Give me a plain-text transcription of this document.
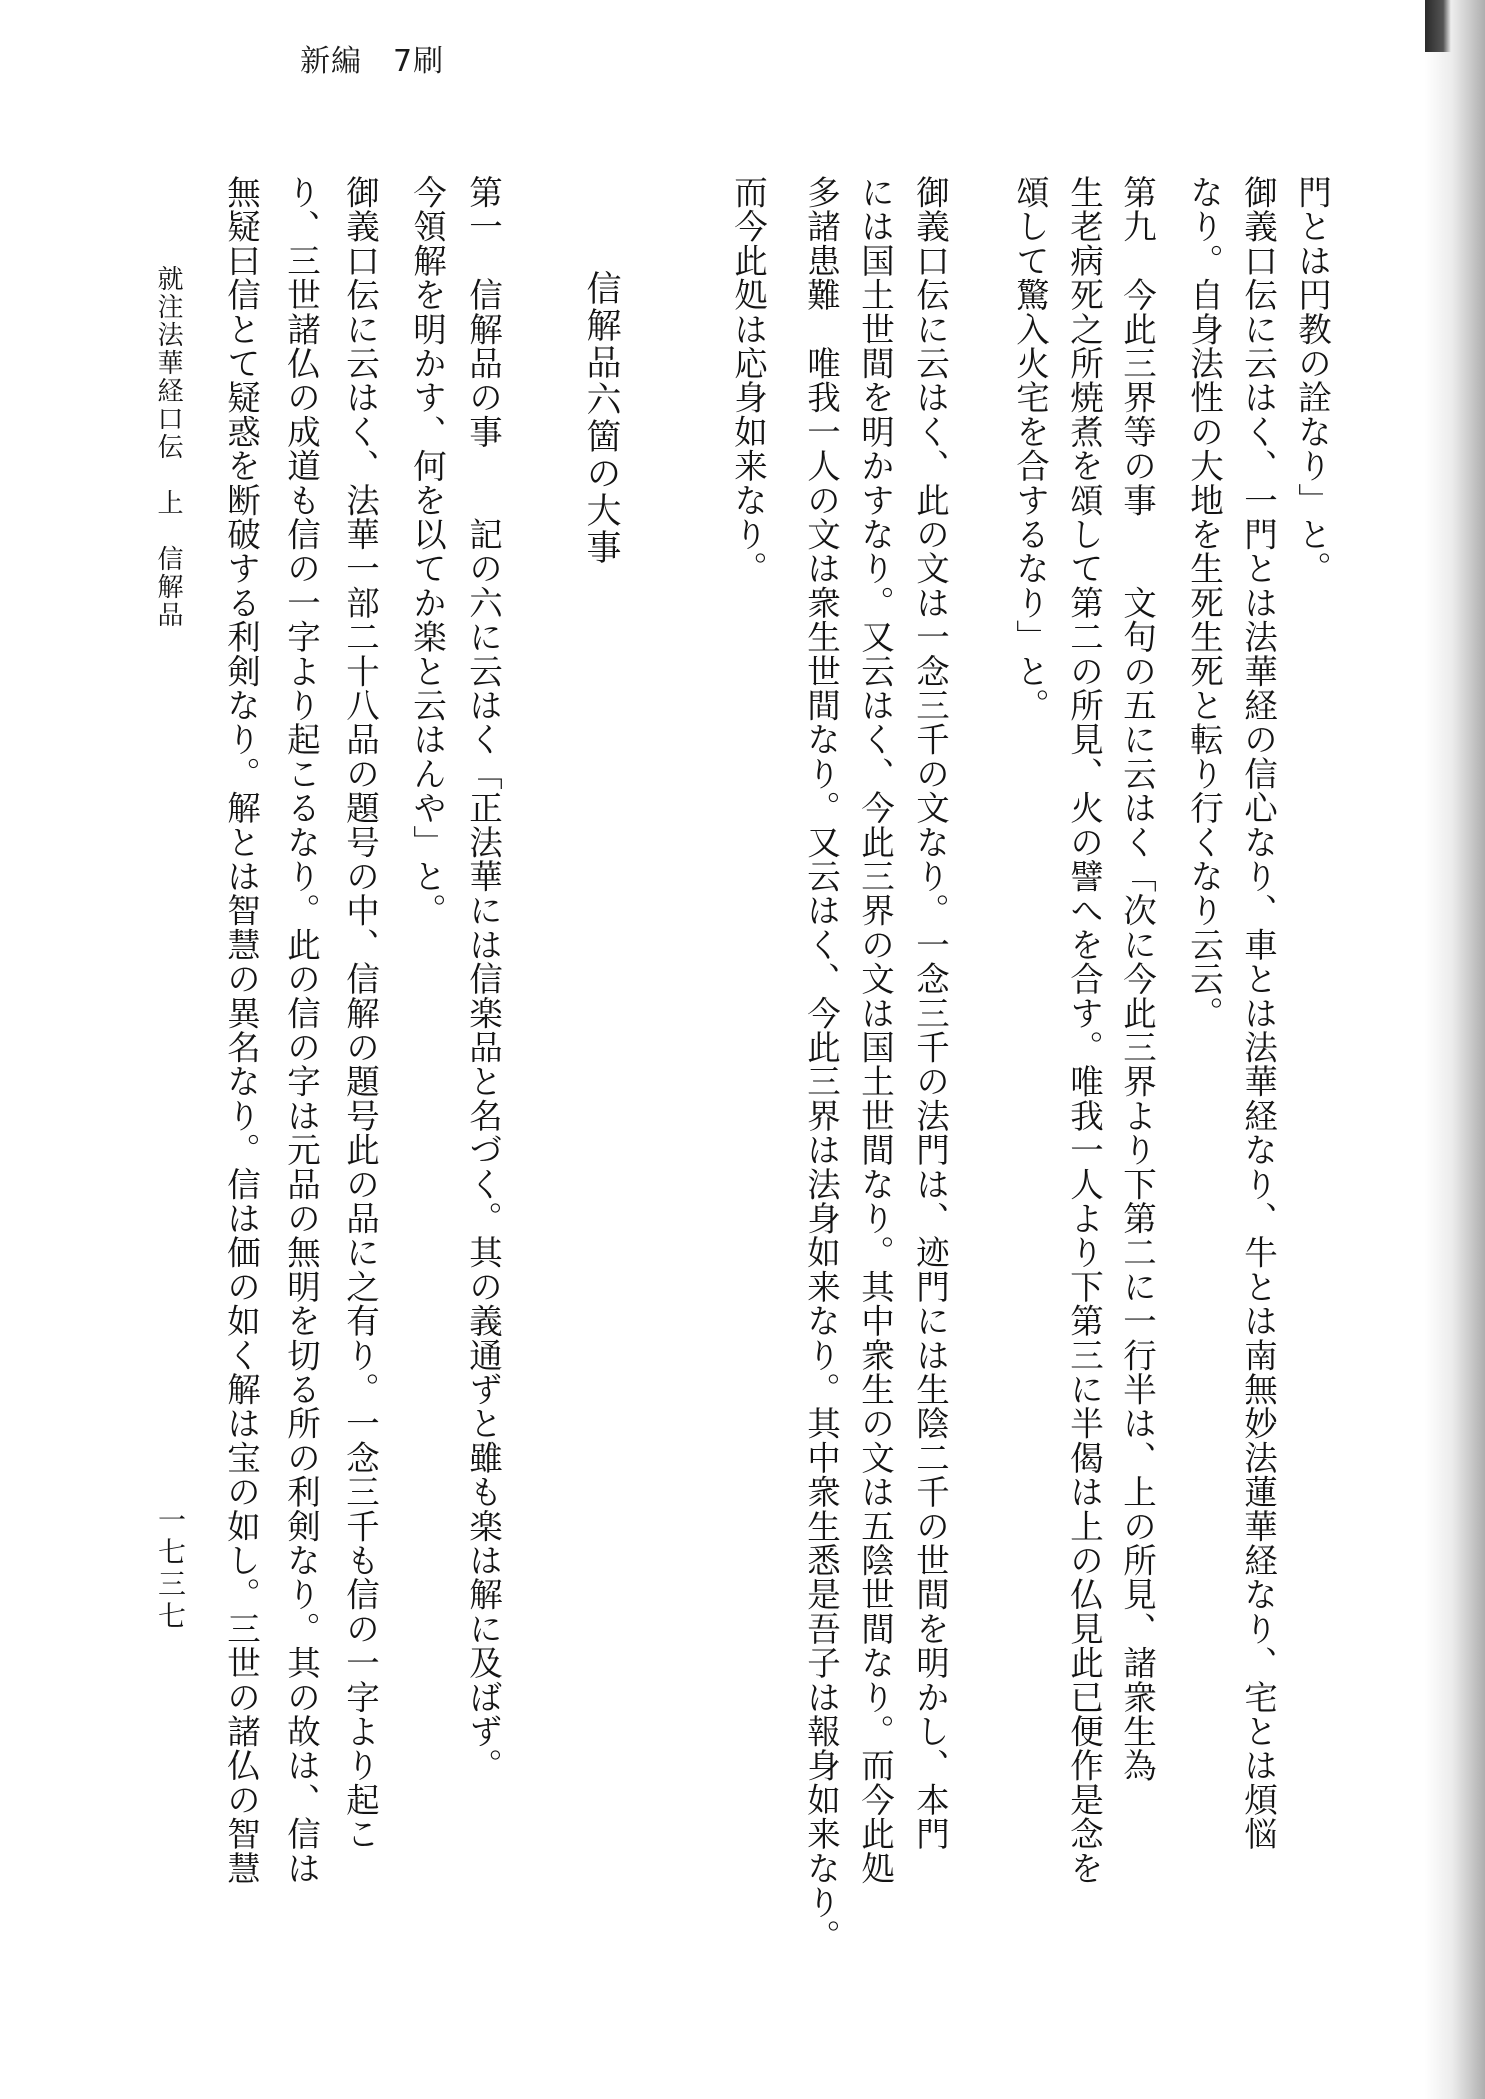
新編　7刷
門とは円教の詮なり」と。
御義口伝に云はく、一門とは法華経の信心なり、車とは法華経なり、牛とは南無妙法蓮華経なり、宅とは煩悩
なり。自身法性の大地を生死生死と転り行くなり云云。
第九　今此三界等の事　　文句の五に云はく「次に今此三界より下第二に一行半は、上の所見、諸衆生為
生老病死之所焼煮を頌して第二の所見、火の譬へを合す。唯我一人より下第三に半偈は上の仏見此已便作是念を
頌して驚入火宅を合するなり」と。
御義口伝に云はく、此の文は一念三千の文なり。一念三千の法門は、迹門には生陰二千の世間を明かし、本門
には国土世間を明かすなり。又云はく、今此三界の文は国土世間なり。其中衆生の文は五陰世間なり。而今此処
多諸患難　唯我一人の文は衆生世間なり。又云はく、今此三界は法身如来なり。其中衆生悉是吾子は報身如来なり。
而今此処は応身如来なり。
信解品六箇の大事
第一　信解品の事　　記の六に云はく「正法華には信楽品と名づく。其の義通ずと雖も楽は解に及ばず。
今領解を明かす、何を以てか楽と云はんや」と。
御義口伝に云はく、法華一部二十八品の題号の中、信解の題号此の品に之有り。一念三千も信の一字より起こ
り、三世諸仏の成道も信の一字より起こるなり。此の信の字は元品の無明を切る所の利剣なり。其の故は、信は
無疑曰信とて疑惑を断破する利剣なり。解とは智慧の異名なり。信は価の如く解は宝の如し。三世の諸仏の智慧
就注法華経口伝　上　信解品
一七三七
